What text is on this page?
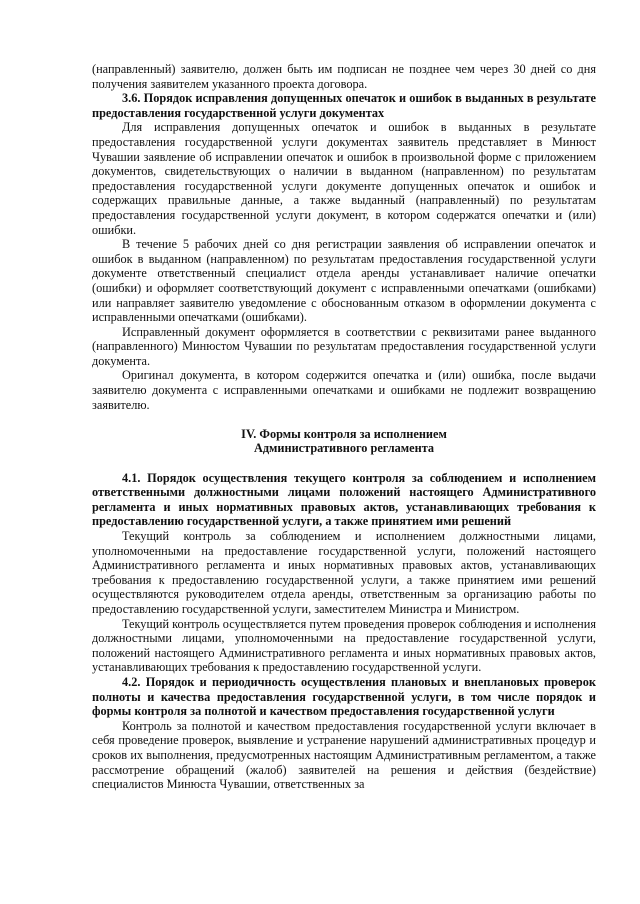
(направленный) заявителю, должен быть им подписан не позднее чем через 30 дней со дня получения заявителем указанного проекта договора.

3.6. Порядок исправления допущенных опечаток и ошибок в выданных в результате предоставления государственной услуги документах

Для исправления допущенных опечаток и ошибок в выданных в результате предоставления государственной услуги документах заявитель представляет в Минюст Чувашии заявление об исправлении опечаток и ошибок в произвольной форме с приложением документов, свидетельствующих о наличии в выданном (направленном) по результатам предоставления государственной услуги документе допущенных опечаток и ошибок и содержащих правильные данные, а также выданный (направленный) по результатам предоставления государственной услуги документ, в котором содержатся опечатки и (или) ошибки.

В течение 5 рабочих дней со дня регистрации заявления об исправлении опечаток и ошибок в выданном (направленном) по результатам предоставления государственной услуги документе ответственный специалист отдела аренды устанавливает наличие опечатки (ошибки) и оформляет соответствующий документ с исправленными опечатками (ошибками) или направляет заявителю уведомление с обоснованным отказом в оформлении документа с исправленными опечатками (ошибками).

Исправленный документ оформляется в соответствии с реквизитами ранее выданного (направленного) Минюстом Чувашии по результатам предоставления государственной услуги документа.

Оригинал документа, в котором содержится опечатка и (или) ошибка, после выдачи заявителю документа с исправленными опечатками и ошибками не подлежит возвращению заявителю.

IV. Формы контроля за исполнением

Административного регламента

4.1. Порядок осуществления текущего контроля за соблюдением и исполнением ответственными должностными лицами положений настоящего Административного регламента и иных нормативных правовых актов, устанавливающих требования к предоставлению государственной услуги, а также принятием ими решений

Текущий контроль за соблюдением и исполнением должностными лицами, уполномоченными на предоставление государственной услуги, положений настоящего Административного регламента и иных нормативных правовых актов, устанавливающих требования к предоставлению государственной услуги, а также принятием ими решений осуществляются руководителем отдела аренды, ответственным за организацию работы по предоставлению государственной услуги, заместителем Министра и Министром.

Текущий контроль осуществляется путем проведения проверок соблюдения и исполнения должностными лицами, уполномоченными на предоставление государственной услуги, положений настоящего Административного регламента и иных нормативных правовых актов, устанавливающих требования к предоставлению государственной услуги.

4.2. Порядок и периодичность осуществления плановых и внеплановых проверок полноты и качества предоставления государственной услуги, в том числе порядок и формы контроля за полнотой и качеством предоставления государственной услуги

Контроль за полнотой и качеством предоставления государственной услуги включает в себя проведение проверок, выявление и устранение нарушений административных процедур и сроков их выполнения, предусмотренных настоящим Административным регламентом, а также рассмотрение обращений (жалоб) заявителей на решения и действия (бездействие) специалистов Минюста Чувашии, ответственных за
